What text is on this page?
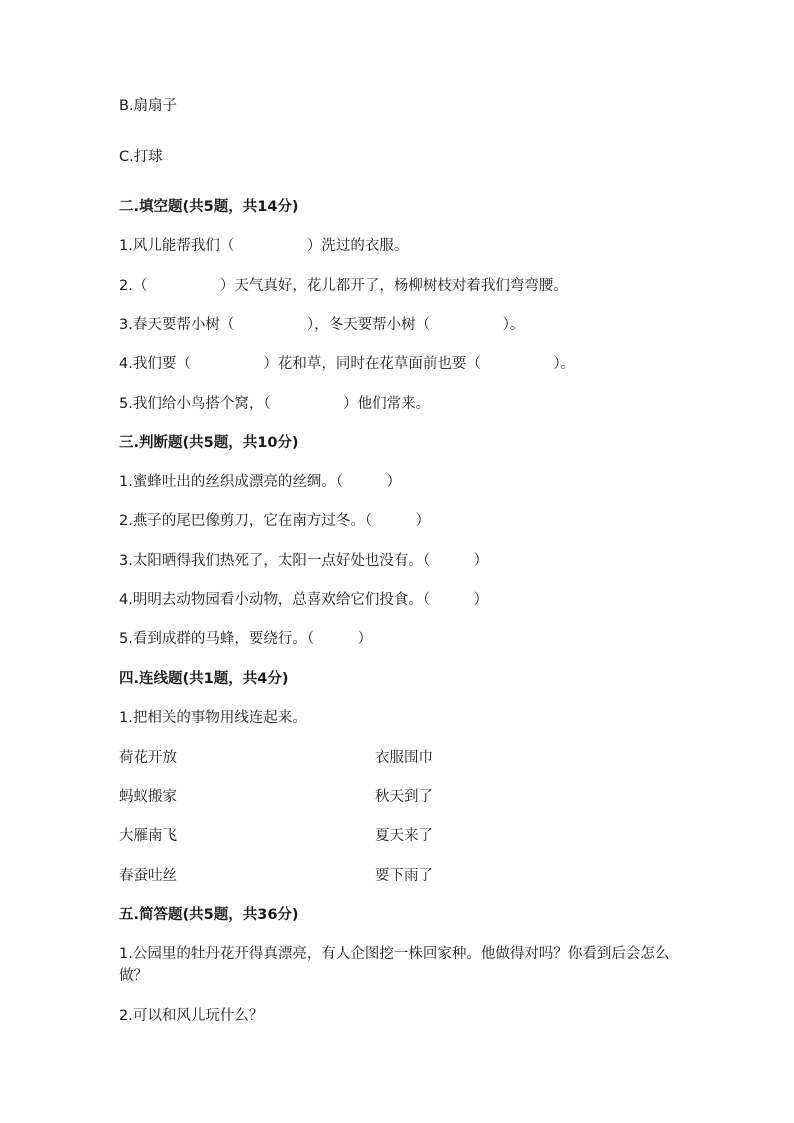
B.扇扇子
C.打球
二.填空题(共5题，共14分)
1.风儿能帮我们（　　　　　）洗过的衣服。
2.（　　　　　）天气真好，花儿都开了，杨柳树枝对着我们弯弯腰。
3.春天要帮小树（　　　　　），冬天要帮小树（　　　　　）。
4.我们要（　　　　　）花和草，同时在花草面前也要（　　　　　）。
5.我们给小鸟搭个窝，（　　　　　）他们常来。
三.判断题(共5题，共10分)
1.蜜蜂吐出的丝织成漂亮的丝绸。（　　　）
2.燕子的尾巴像剪刀，它在南方过冬。（　　　）
3.太阳晒得我们热死了，太阳一点好处也没有。（　　　）
4.明明去动物园看小动物，总喜欢给它们投食。（　　　）
5.看到成群的马蜂，要绕行。（　　　）
四.连线题(共1题，共4分)
1.把相关的事物用线连起来。
荷花开放	衣服围巾
蚂蚁搬家	秋天到了
大雁南飞	夏天来了
春蚕吐丝	要下雨了
五.简答题(共5题，共36分)
1.公园里的牡丹花开得真漂亮，有人企图挖一株回家种。他做得对吗？你看到后会怎么做？
2.可以和风儿玩什么？
